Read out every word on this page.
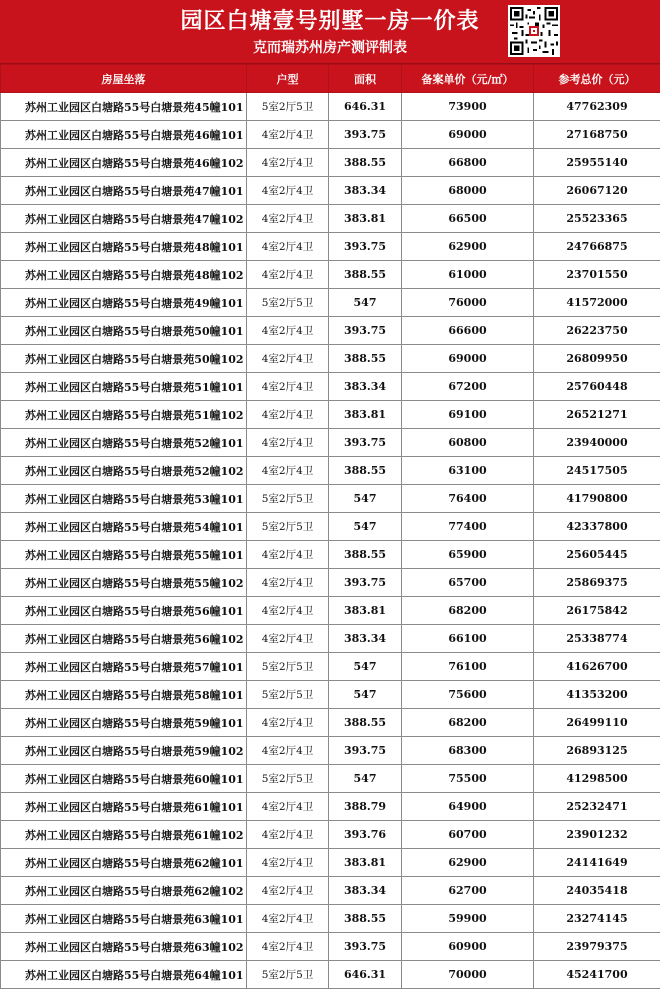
园区白塘壹号别墅一房一价表
克而瑞苏州房产测评制表
房屋坐落	户型	面积	备案单价（元/㎡）	参考总价（元）
苏州工业园区白塘路55号白塘景苑45幢101	5室2厅5卫	646.31	73900	47762309
苏州工业园区白塘路55号白塘景苑46幢101	4室2厅4卫	393.75	69000	27168750
苏州工业园区白塘路55号白塘景苑46幢102	4室2厅4卫	388.55	66800	25955140
苏州工业园区白塘路55号白塘景苑47幢101	4室2厅4卫	383.34	68000	26067120
苏州工业园区白塘路55号白塘景苑47幢102	4室2厅4卫	383.81	66500	25523365
苏州工业园区白塘路55号白塘景苑48幢101	4室2厅4卫	393.75	62900	24766875
苏州工业园区白塘路55号白塘景苑48幢102	4室2厅4卫	388.55	61000	23701550
苏州工业园区白塘路55号白塘景苑49幢101	5室2厅5卫	547	76000	41572000
苏州工业园区白塘路55号白塘景苑50幢101	4室2厅4卫	393.75	66600	26223750
苏州工业园区白塘路55号白塘景苑50幢102	4室2厅4卫	388.55	69000	26809950
苏州工业园区白塘路55号白塘景苑51幢101	4室2厅4卫	383.34	67200	25760448
苏州工业园区白塘路55号白塘景苑51幢102	4室2厅4卫	383.81	69100	26521271
苏州工业园区白塘路55号白塘景苑52幢101	4室2厅4卫	393.75	60800	23940000
苏州工业园区白塘路55号白塘景苑52幢102	4室2厅4卫	388.55	63100	24517505
苏州工业园区白塘路55号白塘景苑53幢101	5室2厅5卫	547	76400	41790800
苏州工业园区白塘路55号白塘景苑54幢101	5室2厅5卫	547	77400	42337800
苏州工业园区白塘路55号白塘景苑55幢101	4室2厅4卫	388.55	65900	25605445
苏州工业园区白塘路55号白塘景苑55幢102	4室2厅4卫	393.75	65700	25869375
苏州工业园区白塘路55号白塘景苑56幢101	4室2厅4卫	383.81	68200	26175842
苏州工业园区白塘路55号白塘景苑56幢102	4室2厅4卫	383.34	66100	25338774
苏州工业园区白塘路55号白塘景苑57幢101	5室2厅5卫	547	76100	41626700
苏州工业园区白塘路55号白塘景苑58幢101	5室2厅5卫	547	75600	41353200
苏州工业园区白塘路55号白塘景苑59幢101	4室2厅4卫	388.55	68200	26499110
苏州工业园区白塘路55号白塘景苑59幢102	4室2厅4卫	393.75	68300	26893125
苏州工业园区白塘路55号白塘景苑60幢101	5室2厅5卫	547	75500	41298500
苏州工业园区白塘路55号白塘景苑61幢101	4室2厅4卫	388.79	64900	25232471
苏州工业园区白塘路55号白塘景苑61幢102	4室2厅4卫	393.76	60700	23901232
苏州工业园区白塘路55号白塘景苑62幢101	4室2厅4卫	383.81	62900	24141649
苏州工业园区白塘路55号白塘景苑62幢102	4室2厅4卫	383.34	62700	24035418
苏州工业园区白塘路55号白塘景苑63幢101	4室2厅4卫	388.55	59900	23274145
苏州工业园区白塘路55号白塘景苑63幢102	4室2厅4卫	393.75	60900	23979375
苏州工业园区白塘路55号白塘景苑64幢101	5室2厅5卫	646.31	70000	45241700
